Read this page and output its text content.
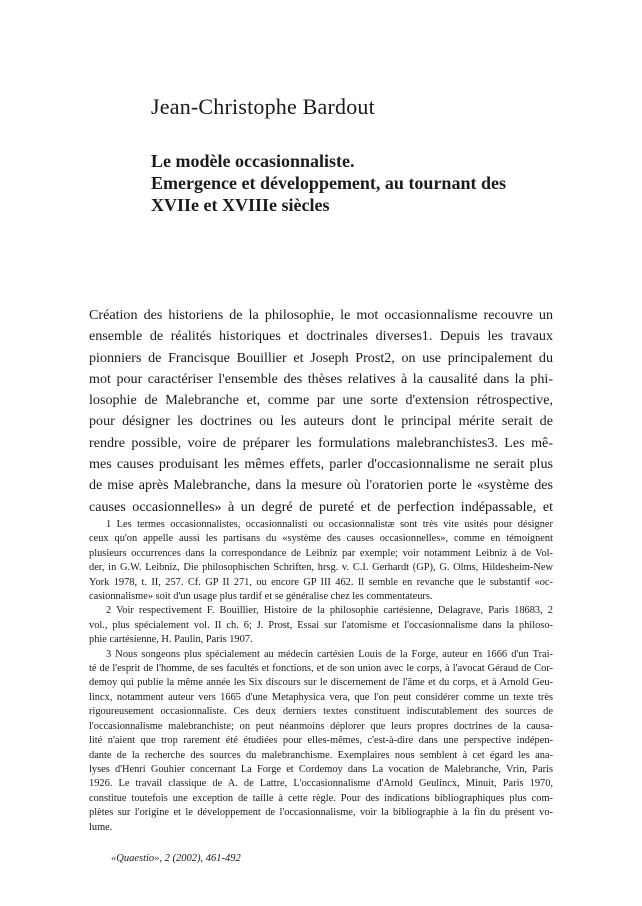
Jean-Christophe Bardout
Le modèle occasionnaliste.
Emergence et développement, au tournant des
XVIIe et XVIIIe siècles
Création des historiens de la philosophie, le mot occasionnalisme recouvre un
ensemble de réalités historiques et doctrinales diverses1. Depuis les travaux
pionniers de Francisque Bouillier et Joseph Prost2, on use principalement du
mot pour caractériser l'ensemble des thèses relatives à la causalité dans la phi-
losophie de Malebranche et, comme par une sorte d'extension rétrospective,
pour désigner les doctrines ou les auteurs dont le principal mérite serait de
rendre possible, voire de préparer les formulations malebranchistes3. Les mê-
mes causes produisant les mêmes effets, parler d'occasionnalisme ne serait plus
de mise après Malebranche, dans la mesure où l'oratorien porte le «système des
causes occasionnelles» à un degré de pureté et de perfection indépassable, et
1 Les termes occasionnalistes, occasionnalisti ou occasionnalistæ sont très vite usités pour désigner
ceux qu'on appelle aussi les partisans du «système des causes occasionnelles», comme en témoignent
plusieurs occurrences dans la correspondance de Leibniz par exemple; voir notamment Leibniz à de Vol-
der, in G.W. Leibniz, Die philosophischen Schriften, hrsg. v. C.I. Gerhardt (GP), G. Olms, Hildesheim-New
York 1978, t. II, 257. Cf. GP II 271, ou encore GP III 462. Il semble en revanche que le substantif «oc-
casionnalisme» soit d'un usage plus tardif et se généralise chez les commentateurs.
2 Voir respectivement F. Bouillier, Histoire de la philosophie cartésienne, Delagrave, Paris 18683, 2
vol., plus spécialement vol. II ch. 6; J. Prost, Essai sur l'atomisme et l'occasionnalisme dans la philoso-
phie cartésienne, H. Paulin, Paris 1907.
3 Nous songeons plus spécialement au médecin cartésien Louis de la Forge, auteur en 1666 d'un Trai-
té de l'esprit de l'homme, de ses facultés et fonctions, et de son union avec le corps, à l'avocat Géraud de Cor-
demoy qui publie la même année les Six discours sur le discernement de l'âme et du corps, et à Arnold Geu-
lincx, notamment auteur vers 1665 d'une Metaphysica vera, que l'on peut considérer comme un texte très
rigoureusement occasionnaliste. Ces deux derniers textes constituent indiscutablement des sources de
l'occasionnalisme malebranchiste; on peut néanmoins déplorer que leurs propres doctrines de la causa-
lité n'aient que trop rarement été étudiées pour elles-mêmes, c'est-à-dire dans une perspective indépen-
dante de la recherche des sources du malebranchisme. Exemplaires nous semblent à cet égard les ana-
lyses d'Henri Gouhier concernant La Forge et Cordemoy dans La vocation de Malebranche, Vrin, Paris
1926. Le travail classique de A. de Lattre, L'occasionnalisme d'Arnold Geulincx, Minuit, Paris 1970,
constitue toutefois une exception de taille à cette règle. Pour des indications bibliographiques plus com-
plètes sur l'origine et le développement de l'occasionnalisme, voir la bibliographie à la fin du présent vo-
lume.
«Quaestio», 2 (2002), 461-492
